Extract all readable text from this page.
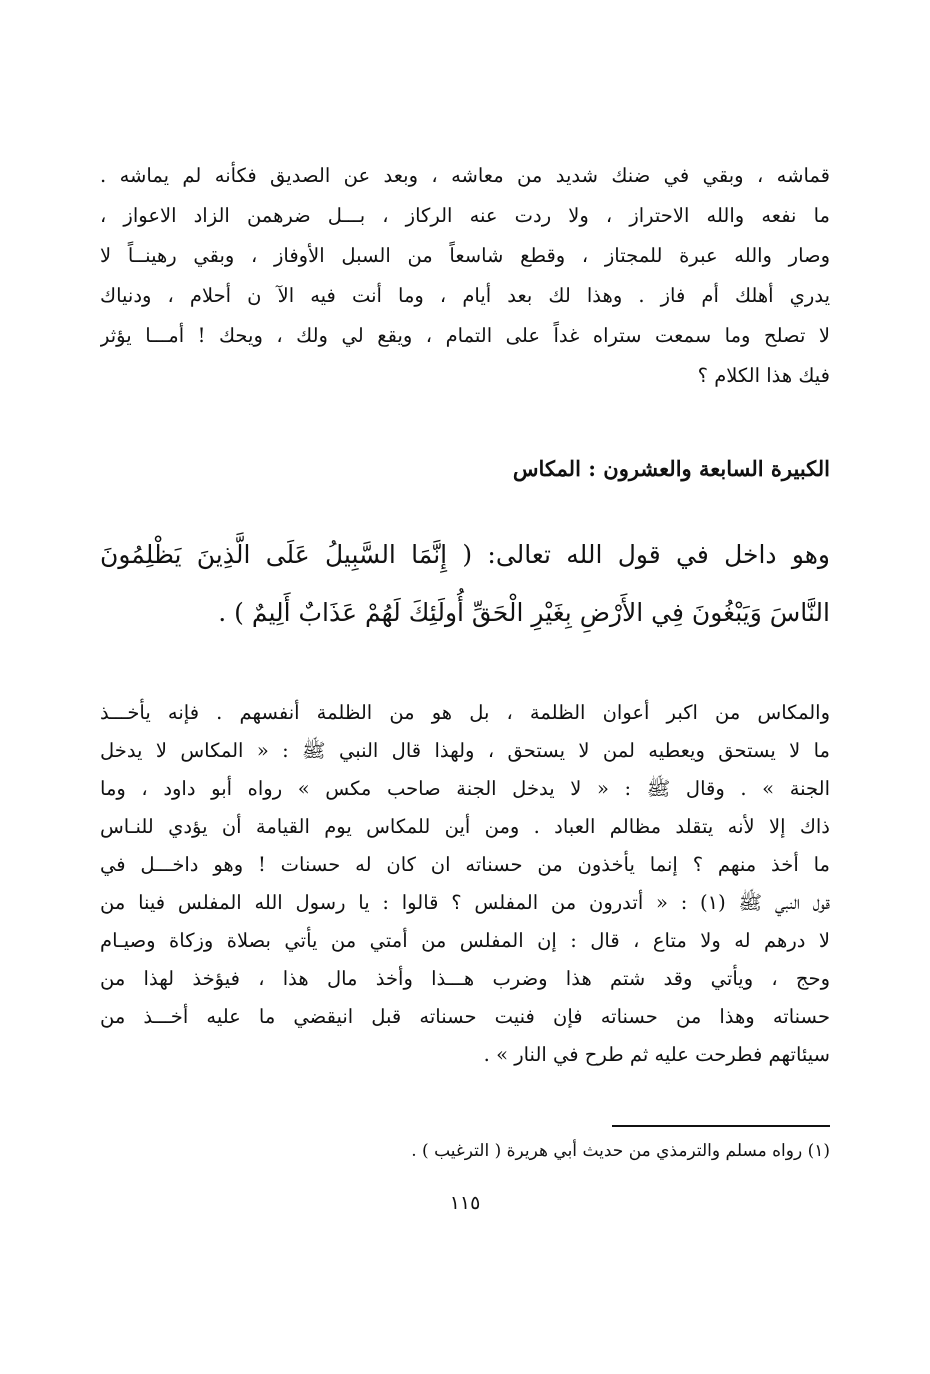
قماشه ، وبقي في ضنك شديد من معاشه ، وبعد عن الصديق فكأنه لم يماشه .
ما نفعه والله الاحتراز ، ولا ردت عنه الركاز ، بـــل ضرهمن الزاد الاعواز ،
وصار والله عبرة للمجتاز ، وقطع شاسعاً من السبل الأوفاز ، وبقي رهينــاً لا
يدري أهلك أم فاز . وهذا لك بعد أيام ، وما أنت فيه الآ ن أحلام ، ودنياك
لا تصلح وما سمعت ستراه غداً على التمام ، ويقع لي ولك ، ويحك ! أمـــا يؤثر
فيك هذا الكلام ؟
الكبيرة السابعة والعشرون : المكاس
وهو داخل في قول الله تعالى: ( إِنَّمَا السَّبِيلُ عَلَى الَّذِينَ يَظْلِمُونَ
النَّاسَ وَيَبْغُونَ فِي الأَرْضِ بِغَيْرِ الْحَقِّ أُولَئِكَ لَهُمْ عَذَابٌ أَلِيمٌ ) .
والمكاس من اكبر أعوان الظلمة ، بل هو من الظلمة أنفسهم . فإنه يأخـــذ
ما لا يستحق ويعطيه لمن لا يستحق ، ولهذا قال النبي ﷺ : « المكاس لا يدخل
الجنة » . وقال ﷺ : « لا يدخل الجنة صاحب مكس » رواه أبو داود ، وما
ذاك إلا لأنه يتقلد مظالم العباد . ومن أين للمكاس يوم القيامة أن يؤدي للنـاس
ما أخذ منهم ؟ إنما يأخذون من حسناته ان كان له حسنات ! وهو داخـــل في
قول النبي ﷺ (١) : « أتدرون من المفلس ؟ قالوا : يا رسول الله المفلس فينا من
لا درهم له ولا متاع ، قال : إن المفلس من أمتي من يأتي بصلاة وزكاة وصيـام
وحج ، ويأتي وقد شتم هذا وضرب هـــذا وأخذ مال هذا ، فيؤخذ لهذا من
حسناته وهذا من حسناته فإن فنيت حسناته قبل انيقضي ما عليه أخـــذ من
سيئاتهم فطرحت عليه ثم طرح في النار » .
(١) رواه مسلم والترمذي من حديث أبي هريرة ( الترغيب ) .
١١٥
